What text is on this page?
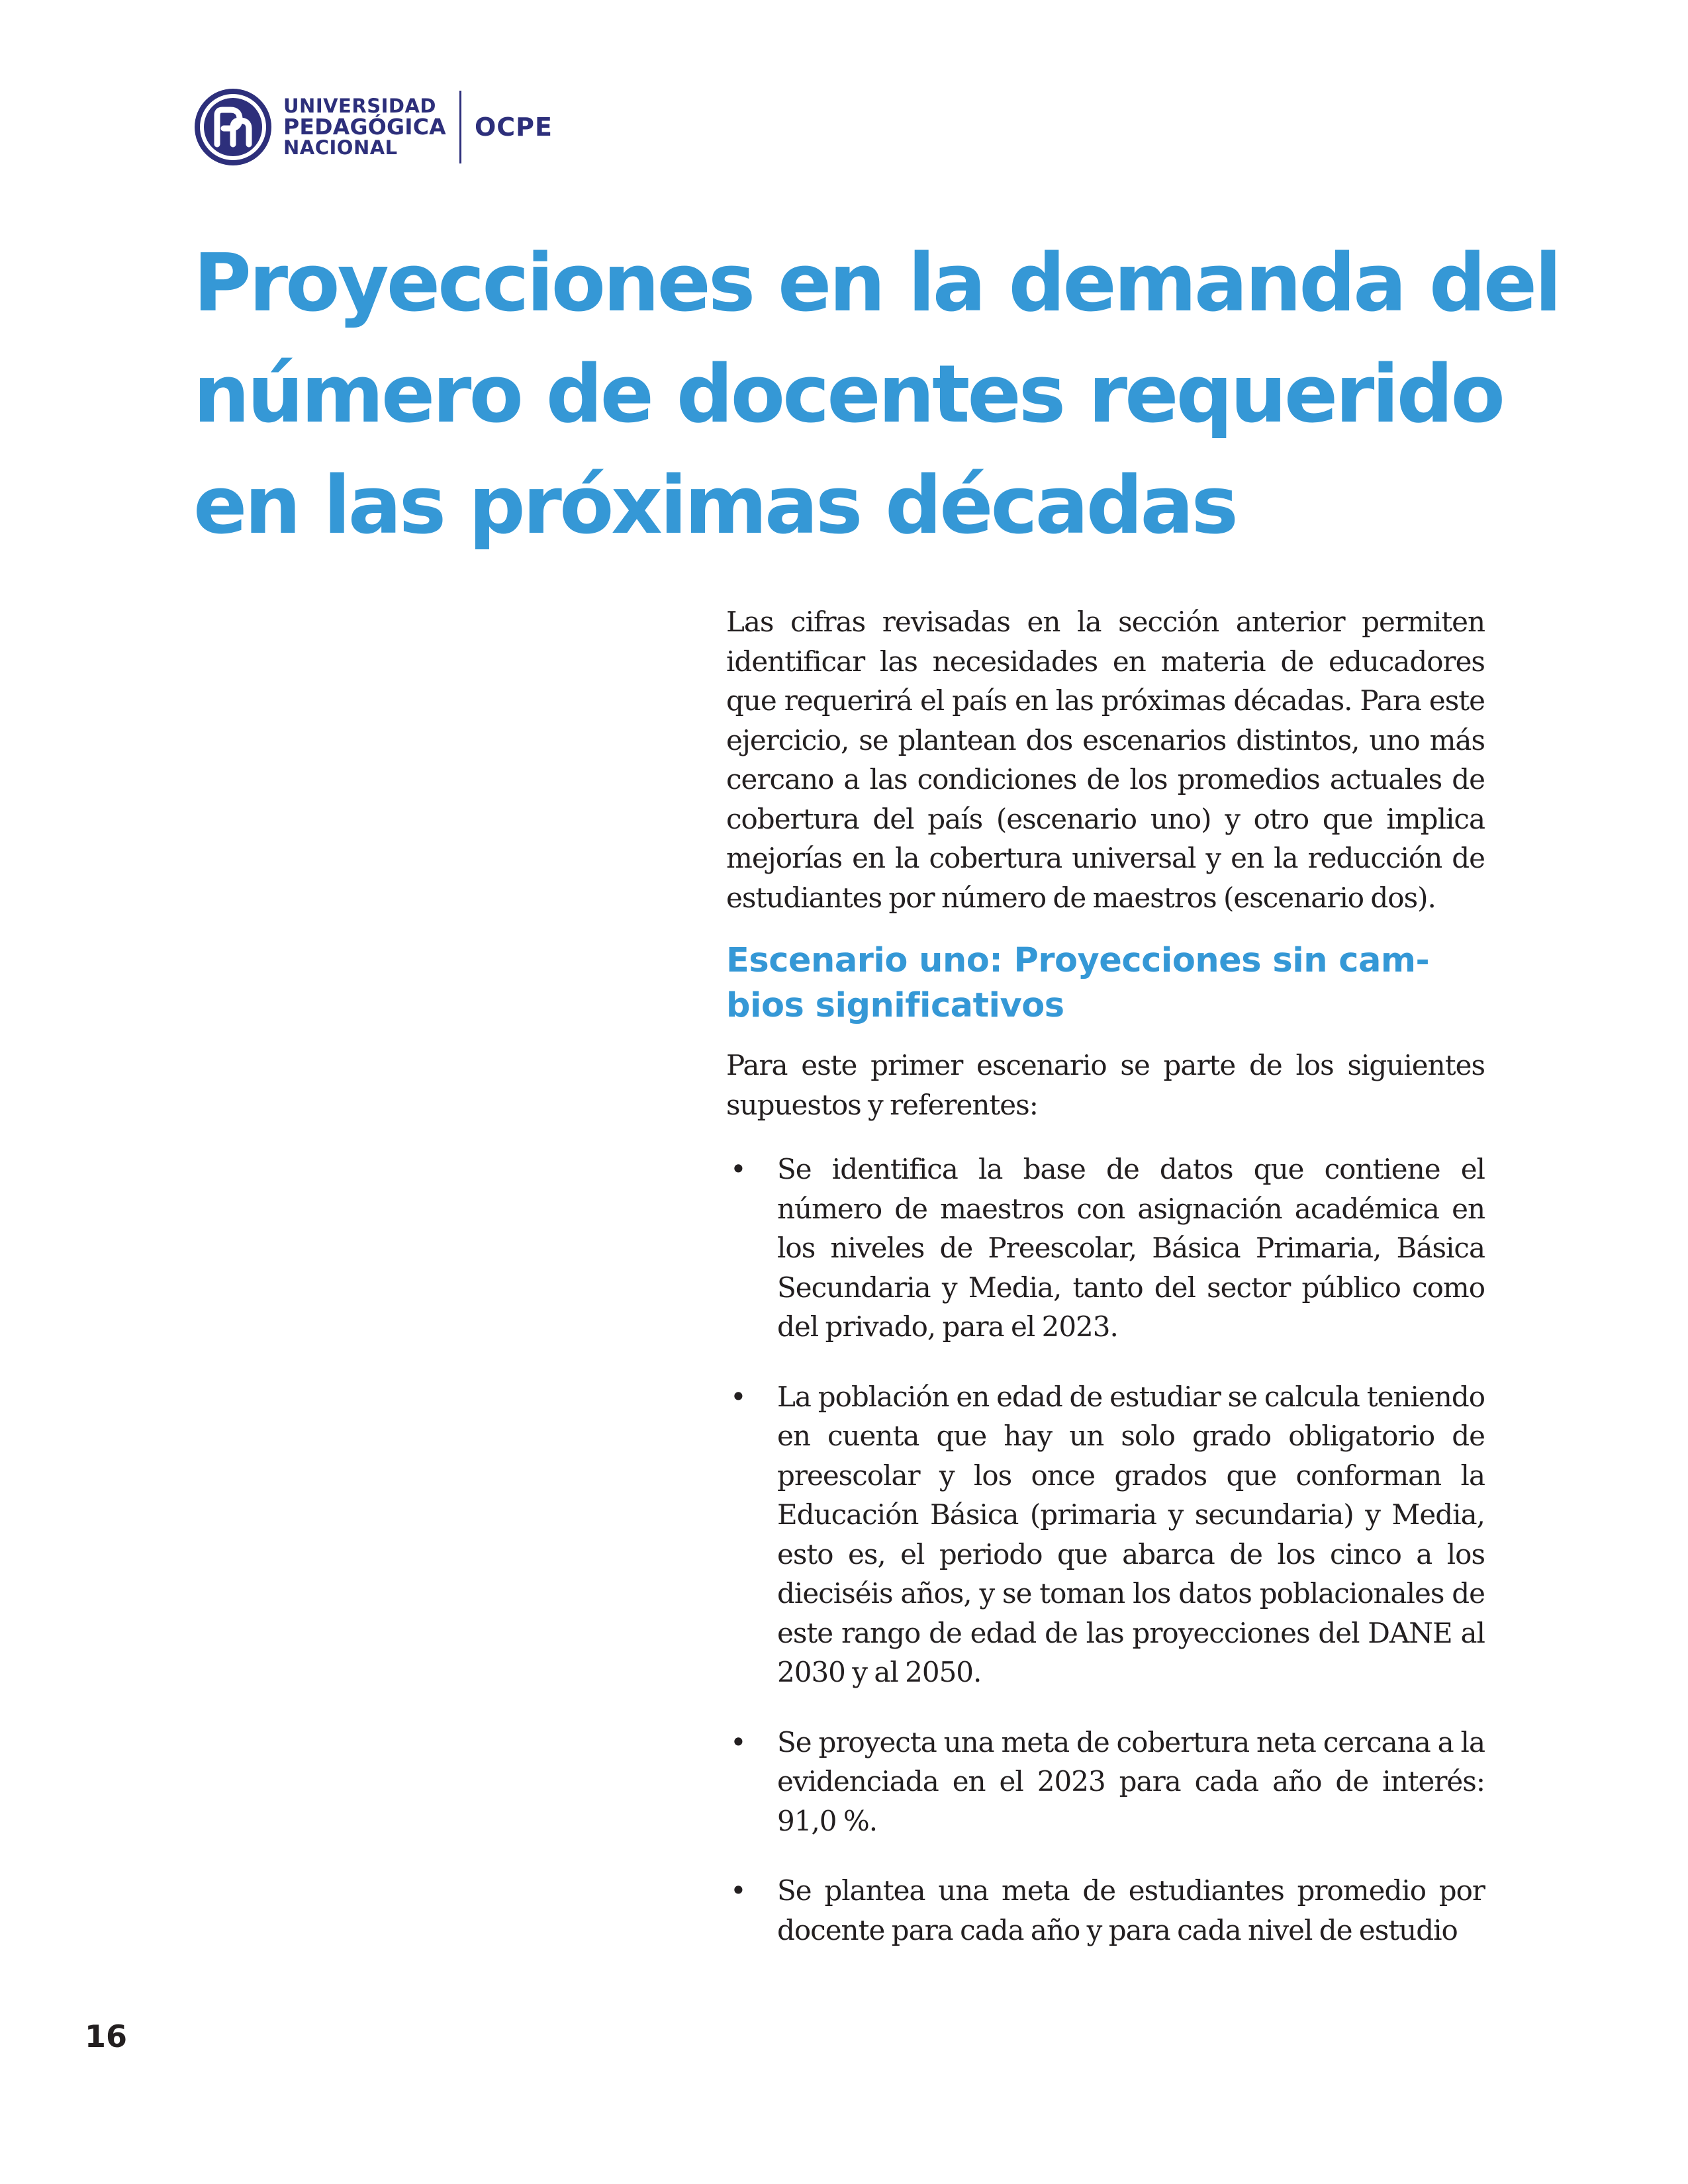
UNIVERSIDAD
PEDAGÓGICA
NACIONAL
OCPE
Proyecciones en la demanda del
número de docentes requerido
en las próximas décadas

Las cifras revisadas en la sección anterior permiten identificar las necesidades en materia de educadores que requerirá el país en las próximas décadas. Para este ejercicio, se plantean dos escenarios distintos, uno más cercano a las condiciones de los promedios actuales de cobertura del país (escenario uno) y otro que implica mejorías en la cobertura universal y en la reducción de estudiantes por número de maestros (escenario dos).

Escenario uno: Proyecciones sin cam-
bios significativos

Para este primer escenario se parte de los siguientes supuestos y referentes:

• Se identifica la base de datos que contiene el número de maestros con asignación académica en los niveles de Preescolar, Básica Primaria, Básica Secundaria y Media, tanto del sector público como del privado, para el 2023.

• La población en edad de estudiar se calcula teniendo en cuenta que hay un solo grado obligatorio de preescolar y los once grados que conforman la Educación Básica (primaria y secundaria) y Media, esto es, el periodo que abarca de los cinco a los dieciséis años, y se toman los datos poblacionales de este rango de edad de las proyecciones del DANE al 2030 y al 2050.

• Se proyecta una meta de cobertura neta cercana a la evidenciada en el 2023 para cada año de interés: 91,0 %.

• Se plantea una meta de estudiantes promedio por docente para cada año y para cada nivel de estudio

16
